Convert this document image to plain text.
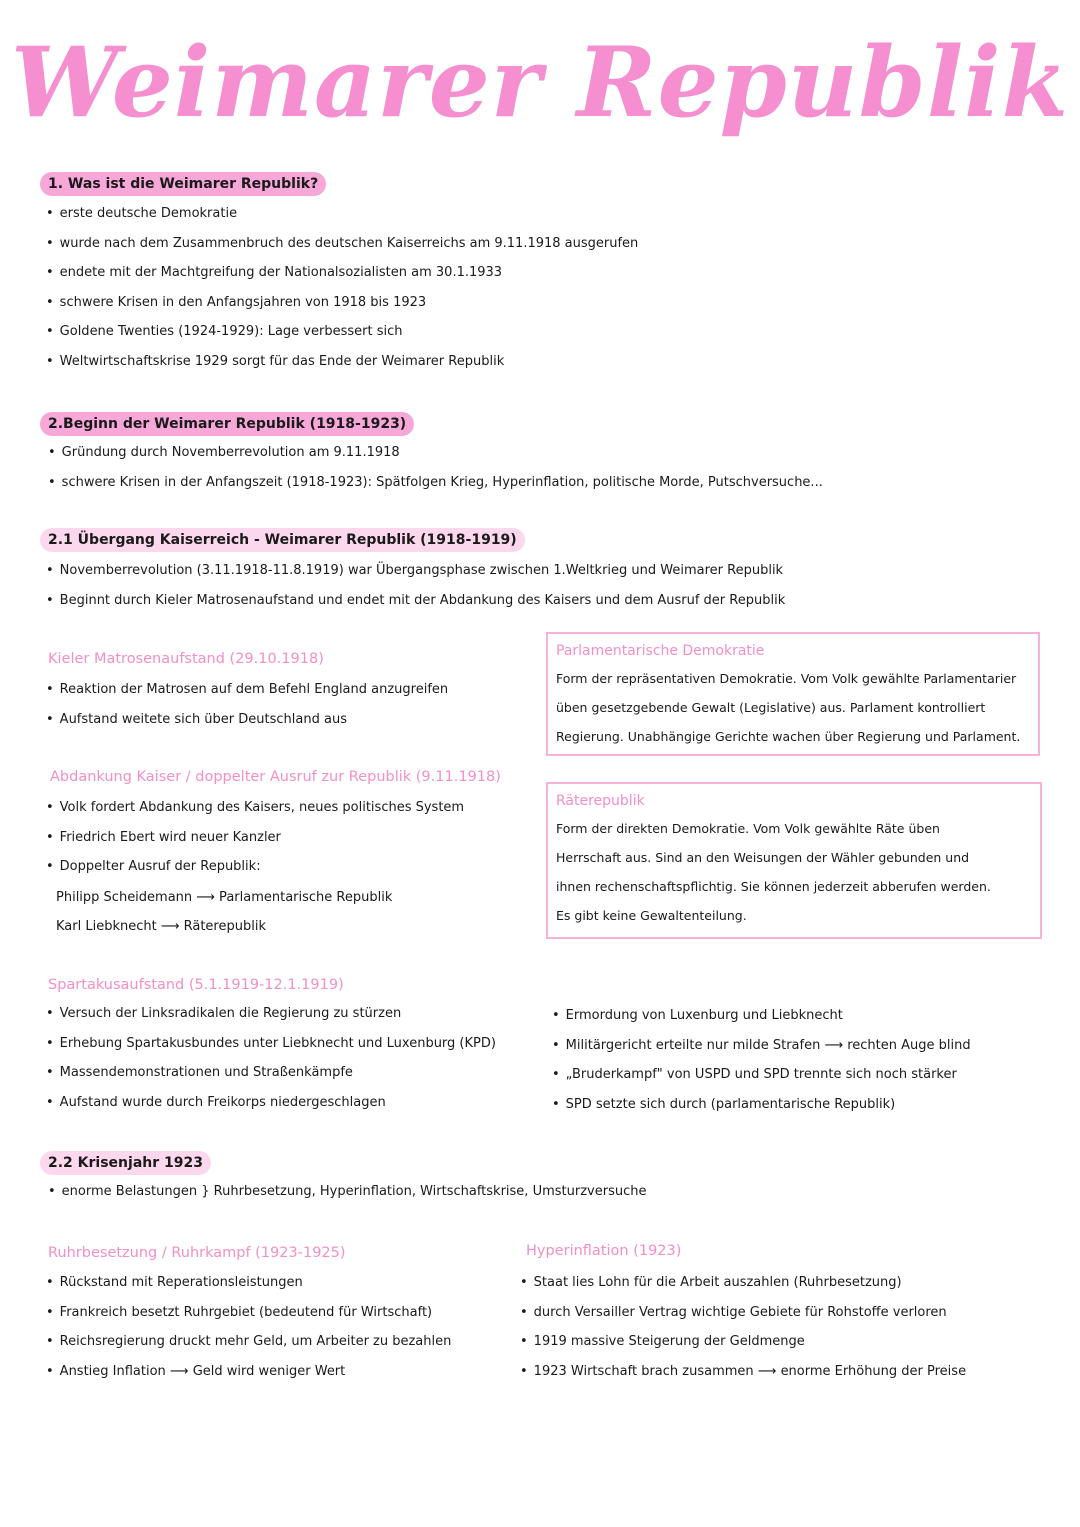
Weimarer Republik
1. Was ist die Weimarer Republik?
• erste deutsche Demokratie
• wurde nach dem Zusammenbruch des deutschen Kaiserreichs am 9.11.1918 ausgerufen
• endete mit der Machtgreifung der Nationalsozialisten am 30.1.1933
• schwere Krisen in den Anfangsjahren von 1918 bis 1923
• Goldene Twenties (1924-1929): Lage verbessert sich
• Weltwirtschaftskrise 1929 sorgt für das Ende der Weimarer Republik
2.Beginn der Weimarer Republik (1918-1923)
• Gründung durch Novemberrevolution am 9.11.1918
• schwere Krisen in der Anfangszeit (1918-1923): Spätfolgen Krieg, Hyperinflation, politische Morde, Putschversuche...
2.1 Übergang Kaiserreich - Weimarer Republik (1918-1919)
• Novemberrevolution (3.11.1918-11.8.1919) war Übergangsphase zwischen 1.Weltkrieg und Weimarer Republik
• Beginnt durch Kieler Matrosenaufstand und endet mit der Abdankung des Kaisers und dem Ausruf der Republik
Kieler Matrosenaufstand (29.10.1918)
• Reaktion der Matrosen auf dem Befehl England anzugreifen
• Aufstand weitete sich über Deutschland aus
Abdankung Kaiser / doppelter Ausruf zur Republik (9.11.1918)
• Volk fordert Abdankung des Kaisers, neues politisches System
• Friedrich Ebert wird neuer Kanzler
• Doppelter Ausruf der Republik:
Philipp Scheidemann ⟶ Parlamentarische Republik
Karl Liebknecht ⟶ Räterepublik
Parlamentarische Demokratie
Form der repräsentativen Demokratie. Vom Volk gewählte Parlamentarier
üben gesetzgebende Gewalt (Legislative) aus. Parlament kontrolliert
Regierung. Unabhängige Gerichte wachen über Regierung und Parlament.
Räterepublik
Form der direkten Demokratie. Vom Volk gewählte Räte üben
Herrschaft aus. Sind an den Weisungen der Wähler gebunden und
ihnen rechenschaftspflichtig. Sie können jederzeit abberufen werden.
Es gibt keine Gewaltenteilung.
Spartakusaufstand (5.1.1919-12.1.1919)
• Versuch der Linksradikalen die Regierung zu stürzen
• Erhebung Spartakusbundes unter Liebknecht und Luxenburg (KPD)
• Massendemonstrationen und Straßenkämpfe
• Aufstand wurde durch Freikorps niedergeschlagen
• Ermordung von Luxenburg und Liebknecht
• Militärgericht erteilte nur milde Strafen ⟶ rechten Auge blind
• „Bruderkampf" von USPD und SPD trennte sich noch stärker
• SPD setzte sich durch (parlamentarische Republik)
2.2 Krisenjahr 1923
• enorme Belastungen } Ruhrbesetzung, Hyperinflation, Wirtschaftskrise, Umsturzversuche
Ruhrbesetzung / Ruhrkampf (1923-1925)
• Rückstand mit Reperationsleistungen
• Frankreich besetzt Ruhrgebiet (bedeutend für Wirtschaft)
• Reichsregierung druckt mehr Geld, um Arbeiter zu bezahlen
• Anstieg Inflation ⟶ Geld wird weniger Wert
Hyperinflation (1923)
• Staat lies Lohn für die Arbeit auszahlen (Ruhrbesetzung)
• durch Versailler Vertrag wichtige Gebiete für Rohstoffe verloren
• 1919 massive Steigerung der Geldmenge
• 1923 Wirtschaft brach zusammen ⟶ enorme Erhöhung der Preise
